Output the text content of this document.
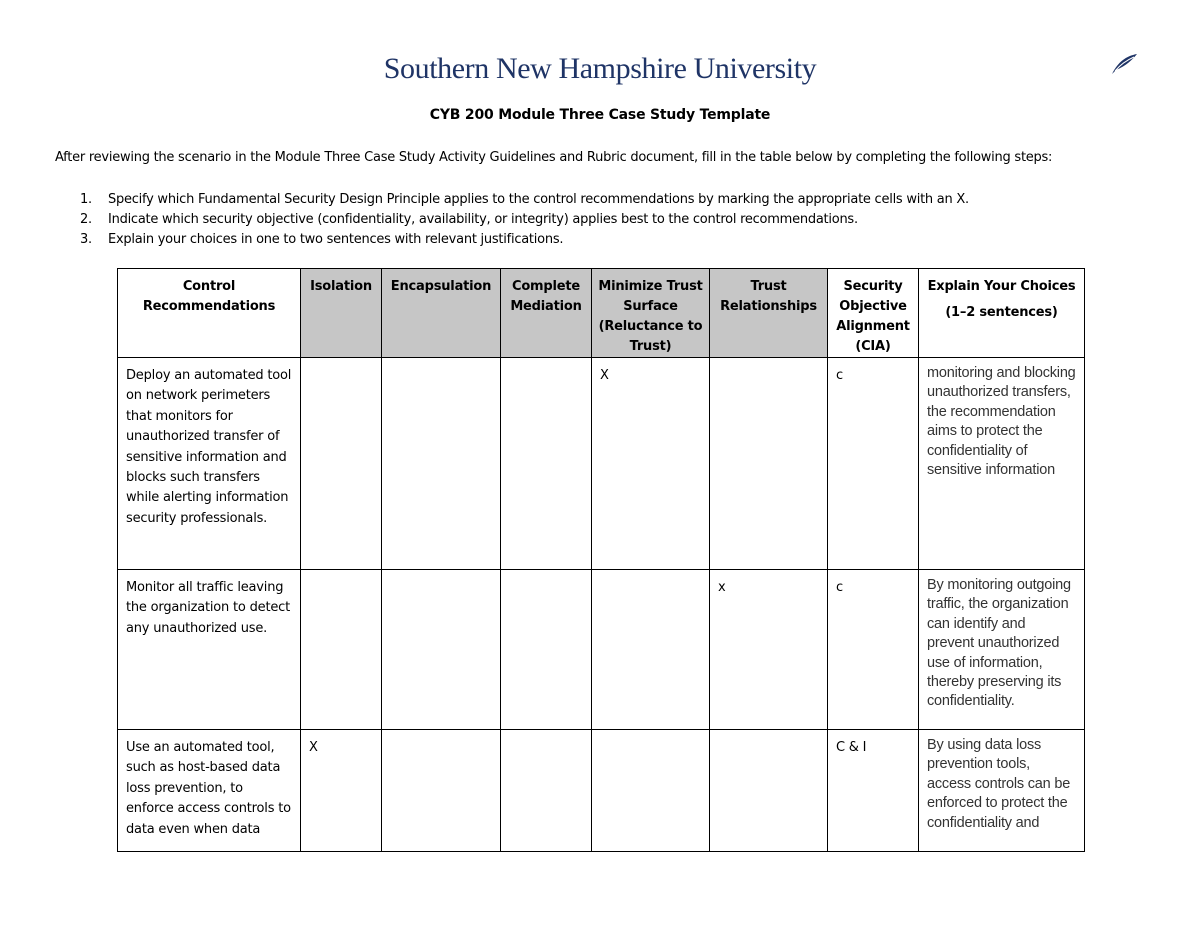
Southern New Hampshire University
CYB 200 Module Three Case Study Template
After reviewing the scenario in the Module Three Case Study Activity Guidelines and Rubric document, fill in the table below by completing the following steps:
1. Specify which Fundamental Security Design Principle applies to the control recommendations by marking the appropriate cells with an X.
2. Indicate which security objective (confidentiality, availability, or integrity) applies best to the control recommendations.
3. Explain your choices in one to two sentences with relevant justifications.
Control Recommendations	Isolation	Encapsulation	Complete Mediation	Minimize Trust Surface (Reluctance to Trust)	Trust Relationships	Security Objective Alignment (CIA)	Explain Your Choices
(1–2 sentences)

Deploy an automated tool on network perimeters that monitors for unauthorized transfer of sensitive information and blocks such transfers while alerting information security professionals.				X		c	monitoring and blocking unauthorized transfers, the recommendation aims to protect the confidentiality of sensitive information
Monitor all traffic leaving the organization to detect any unauthorized use.					x	c	By monitoring outgoing traffic, the organization can identify and prevent unauthorized use of information, thereby preserving its confidentiality.
Use an automated tool, such as host-based data loss prevention, to enforce access controls to data even when data	X					C & I	By using data loss prevention tools, access controls can be enforced to protect the confidentiality and
